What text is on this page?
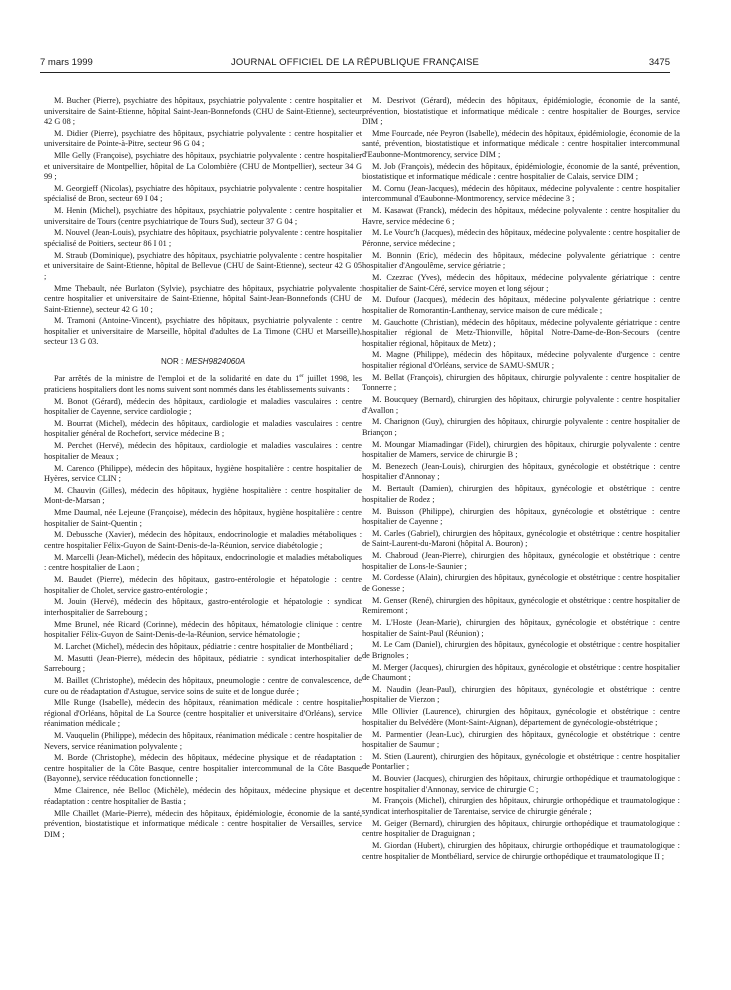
7 mars 1999	JOURNAL OFFICIEL DE LA RÉPUBLIQUE FRANÇAISE	3475

M. Bucher (Pierre), psychiatre des hôpitaux, psychiatrie polyvalente : centre hospitalier et universitaire de Saint-Etienne, hôpital Saint-Jean-Bonnefonds (CHU de Saint-Etienne), secteur 42 G 08 ;

M. Didier (Pierre), psychiatre des hôpitaux, psychiatrie polyvalente : centre hospitalier et universitaire de Pointe-à-Pitre, secteur 96 G 04 ;

Mlle Gelly (Françoise), psychiatre des hôpitaux, psychiatrie polyvalente : centre hospitalier et universitaire de Montpellier, hôpital de La Colombière (CHU de Montpellier), secteur 34 G 99 ;

M. Georgieff (Nicolas), psychiatre des hôpitaux, psychiatrie polyvalente : centre hospitalier spécialisé de Bron, secteur 69 I 04 ;

M. Henin (Michel), psychiatre des hôpitaux, psychiatrie polyvalente : centre hospitalier et universitaire de Tours (centre psychiatrique de Tours Sud), secteur 37 G 04 ;

M. Nouvel (Jean-Louis), psychiatre des hôpitaux, psychiatrie polyvalente : centre hospitalier spécialisé de Poitiers, secteur 86 I 01 ;

M. Straub (Dominique), psychiatre des hôpitaux, psychiatrie polyvalente : centre hospitalier et universitaire de Saint-Etienne, hôpital de Bellevue (CHU de Saint-Etienne), secteur 42 G 05 ;

Mme Thebault, née Burlaton (Sylvie), psychiatre des hôpitaux, psychiatrie polyvalente : centre hospitalier et universitaire de Saint-Etienne, hôpital Saint-Jean-Bonnefonds (CHU de Saint-Etienne), secteur 42 G 10 ;

M. Tramoni (Antoine-Vincent), psychiatre des hôpitaux, psychiatrie polyvalente : centre hospitalier et universitaire de Marseille, hôpital d'adultes de La Timone (CHU et Marseille), secteur 13 G 03.

NOR : MESH9824060A

Par arrêtés de la ministre de l'emploi et de la solidarité en date du 1er juillet 1998, les praticiens hospitaliers dont les noms suivent sont nommés dans les établissements suivants :

M. Bonot (Gérard), médecin des hôpitaux, cardiologie et maladies vasculaires : centre hospitalier de Cayenne, service cardiologie ;

M. Bourrat (Michel), médecin des hôpitaux, cardiologie et maladies vasculaires : centre hospitalier général de Rochefort, service médecine B ;

M. Perchet (Hervé), médecin des hôpitaux, cardiologie et maladies vasculaires : centre hospitalier de Meaux ;

M. Carenco (Philippe), médecin des hôpitaux, hygiène hospitalière : centre hospitalier de Hyères, service CLIN ;

M. Chauvin (Gilles), médecin des hôpitaux, hygiène hospitalière : centre hospitalier de Mont-de-Marsan ;

Mme Daumal, née Lejeune (Françoise), médecin des hôpitaux, hygiène hospitalière : centre hospitalier de Saint-Quentin ;

M. Debussche (Xavier), médecin des hôpitaux, endocrinologie et maladies métaboliques : centre hospitalier Félix-Guyon de Saint-Denis-de-la-Réunion, service diabétologie ;

M. Marcelli (Jean-Michel), médecin des hôpitaux, endocrinologie et maladies métaboliques : centre hospitalier de Laon ;

M. Baudet (Pierre), médecin des hôpitaux, gastro-entérologie et hépatologie : centre hospitalier de Cholet, service gastro-entérologie ;

M. Jouin (Hervé), médecin des hôpitaux, gastro-entérologie et hépatologie : syndicat interhospitalier de Sarrebourg ;

Mme Brunel, née Ricard (Corinne), médecin des hôpitaux, hématologie clinique : centre hospitalier Félix-Guyon de Saint-Denis-de-la-Réunion, service hématologie ;

M. Larchet (Michel), médecin des hôpitaux, pédiatrie : centre hospitalier de Montbéliard ;

M. Masutti (Jean-Pierre), médecin des hôpitaux, pédiatrie : syndicat interhospitalier de Sarrebourg ;

M. Baillet (Christophe), médecin des hôpitaux, pneumologie : centre de convalescence, de cure ou de réadaptation d'Astugue, service soins de suite et de longue durée ;

Mlle Runge (Isabelle), médecin des hôpitaux, réanimation médicale : centre hospitalier régional d'Orléans, hôpital de La Source (centre hospitalier et universitaire d'Orléans), service réanimation médicale ;

M. Vauquelin (Philippe), médecin des hôpitaux, réanimation médicale : centre hospitalier de Nevers, service réanimation polyvalente ;

M. Borde (Christophe), médecin des hôpitaux, médecine physique et de réadaptation : centre hospitalier de la Côte Basque, centre hospitalier intercommunal de la Côte Basque (Bayonne), service rééducation fonctionnelle ;

Mme Clairence, née Belloc (Michèle), médecin des hôpitaux, médecine physique et de réadaptation : centre hospitalier de Bastia ;

Mlle Chaillet (Marie-Pierre), médecin des hôpitaux, épidémiologie, économie de la santé, prévention, biostatistique et informatique médicale : centre hospitalier de Versailles, service DIM ;

M. Desrivot (Gérard), médecin des hôpitaux, épidémiologie, économie de la santé, prévention, biostatistique et informatique médicale : centre hospitalier de Bourges, service DIM ;

Mme Fourcade, née Peyron (Isabelle), médecin des hôpitaux, épidémiologie, économie de la santé, prévention, biostatistique et informatique médicale : centre hospitalier intercommunal d'Eaubonne-Montmorency, service DIM ;

M. Job (François), médecin des hôpitaux, épidémiologie, économie de la santé, prévention, biostatistique et informatique médicale : centre hospitalier de Calais, service DIM ;

M. Cornu (Jean-Jacques), médecin des hôpitaux, médecine polyvalente : centre hospitalier intercommunal d'Eaubonne-Montmorency, service médecine 3 ;

M. Kasawat (Franck), médecin des hôpitaux, médecine polyvalente : centre hospitalier du Havre, service médecine 6 ;

M. Le Vourc'h (Jacques), médecin des hôpitaux, médecine polyvalente : centre hospitalier de Péronne, service médecine ;

M. Bonnin (Eric), médecin des hôpitaux, médecine polyvalente gériatrique : centre hospitalier d'Angoulême, service gériatrie ;

M. Czezrac (Yves), médecin des hôpitaux, médecine polyvalente gériatrique : centre hospitalier de Saint-Céré, service moyen et long séjour ;

M. Dufour (Jacques), médecin des hôpitaux, médecine polyvalente gériatrique : centre hospitalier de Romorantin-Lanthenay, service maison de cure médicale ;

M. Gauchotte (Christian), médecin des hôpitaux, médecine polyvalente gériatrique : centre hospitalier régional de Metz-Thionville, hôpital Notre-Dame-de-Bon-Secours (centre hospitalier régional, hôpitaux de Metz) ;

M. Magne (Philippe), médecin des hôpitaux, médecine polyvalente d'urgence : centre hospitalier régional d'Orléans, service de SAMU-SMUR ;

M. Bellat (François), chirurgien des hôpitaux, chirurgie polyvalente : centre hospitalier de Tonnerre ;

M. Boucquey (Bernard), chirurgien des hôpitaux, chirurgie polyvalente : centre hospitalier d'Avallon ;

M. Charignon (Guy), chirurgien des hôpitaux, chirurgie polyvalente : centre hospitalier de Briançon ;

M. Moungar Miamadingar (Fidel), chirurgien des hôpitaux, chirurgie polyvalente : centre hospitalier de Mamers, service de chirurgie B ;

M. Benezech (Jean-Louis), chirurgien des hôpitaux, gynécologie et obstétrique : centre hospitalier d'Annonay ;

M. Bertault (Damien), chirurgien des hôpitaux, gynécologie et obstétrique : centre hospitalier de Rodez ;

M. Buisson (Philippe), chirurgien des hôpitaux, gynécologie et obstétrique : centre hospitalier de Cayenne ;

M. Carles (Gabriel), chirurgien des hôpitaux, gynécologie et obstétrique : centre hospitalier de Saint-Laurent-du-Maroni (hôpital A. Bouron) ;

M. Chabroud (Jean-Pierre), chirurgien des hôpitaux, gynécologie et obstétrique : centre hospitalier de Lons-le-Saunier ;

M. Cordesse (Alain), chirurgien des hôpitaux, gynécologie et obstétrique : centre hospitalier de Gonesse ;

M. Genser (René), chirurgien des hôpitaux, gynécologie et obstétrique : centre hospitalier de Remiremont ;

M. L'Hoste (Jean-Marie), chirurgien des hôpitaux, gynécologie et obstétrique : centre hospitalier de Saint-Paul (Réunion) ;

M. Le Cam (Daniel), chirurgien des hôpitaux, gynécologie et obstétrique : centre hospitalier de Brignoles ;

M. Merger (Jacques), chirurgien des hôpitaux, gynécologie et obstétrique : centre hospitalier de Chaumont ;

M. Naudin (Jean-Paul), chirurgien des hôpitaux, gynécologie et obstétrique : centre hospitalier de Vierzon ;

Mlle Ollivier (Laurence), chirurgien des hôpitaux, gynécologie et obstétrique : centre hospitalier du Belvédère (Mont-Saint-Aignan), département de gynécologie-obstétrique ;

M. Parmentier (Jean-Luc), chirurgien des hôpitaux, gynécologie et obstétrique : centre hospitalier de Saumur ;

M. Stien (Laurent), chirurgien des hôpitaux, gynécologie et obstétrique : centre hospitalier de Pontarlier ;

M. Bouvier (Jacques), chirurgien des hôpitaux, chirurgie orthopédique et traumatologique : centre hospitalier d'Annonay, service de chirurgie C ;

M. François (Michel), chirurgien des hôpitaux, chirurgie orthopédique et traumatologique : syndicat interhospitalier de Tarentaise, service de chirurgie générale ;

M. Geiger (Bernard), chirurgien des hôpitaux, chirurgie orthopédique et traumatologique : centre hospitalier de Draguignan ;

M. Giordan (Hubert), chirurgien des hôpitaux, chirurgie orthopédique et traumatologique : centre hospitalier de Montbéliard, service de chirurgie orthopédique et traumatologique II ;
